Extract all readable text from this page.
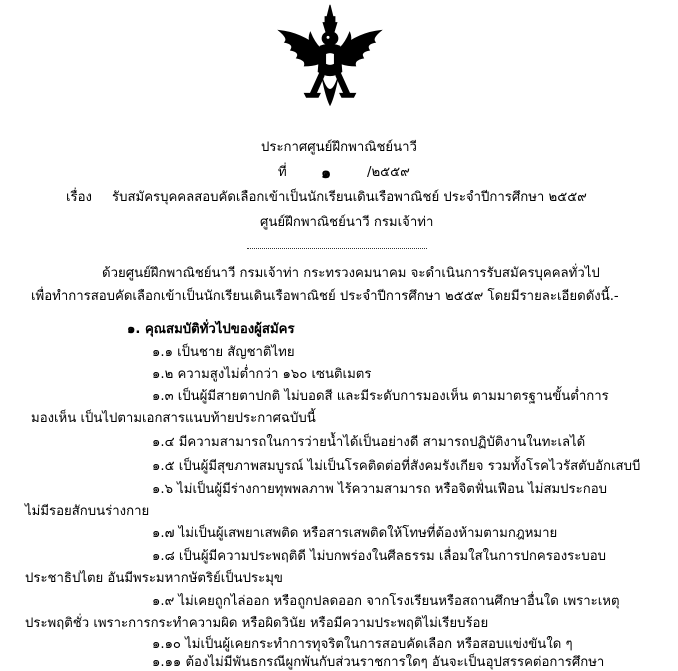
ประกาศศูนย์ฝึกพาณิชย์นาวี
ที่ ๑	/๒๕๕๙
เรื่อง รับสมัครบุคคลสอบคัดเลือกเข้าเป็นนักเรียนเดินเรือพาณิชย์ ประจำปีการศึกษา ๒๕๕๙
ศูนย์ฝึกพาณิชย์นาวี กรมเจ้าท่า
ด้วยศูนย์ฝึกพาณิชย์นาวี กรมเจ้าท่า กระทรวงคมนาคม จะดำเนินการรับสมัครบุคคลทั่วไป
เพื่อทำการสอบคัดเลือกเข้าเป็นนักเรียนเดินเรือพาณิชย์ ประจำปีการศึกษา ๒๕๕๙ โดยมีรายละเอียดดังนี้.-
๑. คุณสมบัติทั่วไปของผู้สมัคร
๑.๑ เป็นชาย สัญชาติไทย
๑.๒ ความสูงไม่ต่ำกว่า ๑๖๐ เซนติเมตร
๑.๓ เป็นผู้มีสายตาปกติ ไม่บอดสี และมีระดับการมองเห็น ตามมาตรฐานขั้นต่ำการ
มองเห็น เป็นไปตามเอกสารแนบท้ายประกาศฉบับนี้
๑.๔ มีความสามารถในการว่ายน้ำได้เป็นอย่างดี สามารถปฏิบัติงานในทะเลได้
๑.๕ เป็นผู้มีสุขภาพสมบูรณ์ ไม่เป็นโรคติดต่อที่สังคมรังเกียจ รวมทั้งโรคไวรัสตับอักเสบบี
๑.๖ ไม่เป็นผู้มีร่างกายทุพพลภาพ ไร้ความสามารถ หรือจิตฟั่นเฟือน ไม่สมประกอบ
ไม่มีรอยสักบนร่างกาย
๑.๗ ไม่เป็นผู้เสพยาเสพติด หรือสารเสพติดให้โทษที่ต้องห้ามตามกฎหมาย
๑.๘ เป็นผู้มีความประพฤติดี ไม่บกพร่องในศีลธรรม เลื่อมใสในการปกครองระบอบ
ประชาธิปไตย อันมีพระมหากษัตริย์เป็นประมุข
๑.๙ ไม่เคยถูกไล่ออก หรือถูกปลดออก จากโรงเรียนหรือสถานศึกษาอื่นใด เพราะเหตุ
ประพฤติชั่ว เพราะการกระทำความผิด หรือผิดวินัย หรือมีความประพฤติไม่เรียบร้อย
๑.๑๐ ไม่เป็นผู้เคยกระทำการทุจริตในการสอบคัดเลือก หรือสอบแข่งขันใด ๆ
๑.๑๑ ต้องไม่มีพันธกรณีผูกพันกับส่วนราชการใดๆ อันจะเป็นอุปสรรคต่อการศึกษา
